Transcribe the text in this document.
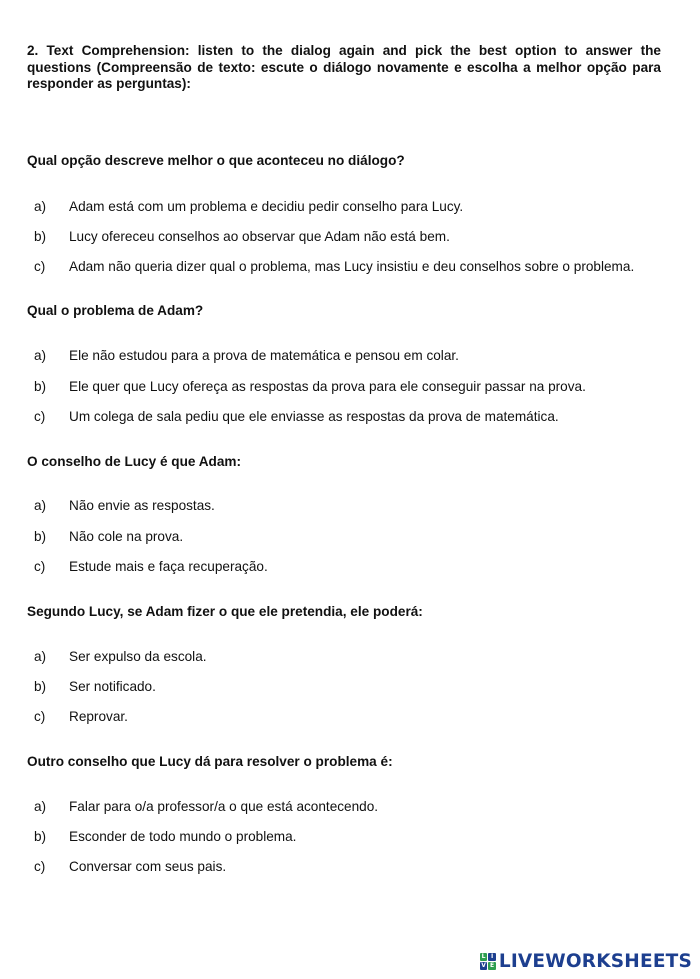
2. Text Comprehension: listen to the dialog again and pick the best option to answer the questions (Compreensão de texto: escute o diálogo novamente e escolha a melhor opção para responder as perguntas):
Qual opção descreve melhor o que aconteceu no diálogo?
a) Adam está com um problema e decidiu pedir conselho para Lucy.
b) Lucy ofereceu conselhos ao observar que Adam não está bem.
c) Adam não queria dizer qual o problema, mas Lucy insistiu e deu conselhos sobre o problema.
Qual o problema de Adam?
a) Ele não estudou para a prova de matemática e pensou em colar.
b) Ele quer que Lucy ofereça as respostas da prova para ele conseguir passar na prova.
c) Um colega de sala pediu que ele enviasse as respostas da prova de matemática.
O conselho de Lucy é que Adam:
a) Não envie as respostas.
b) Não cole na prova.
c) Estude mais e faça recuperação.
Segundo Lucy, se Adam fizer o que ele pretendia, ele poderá:
a) Ser expulso da escola.
b) Ser notificado.
c) Reprovar.
Outro conselho que Lucy dá para resolver o problema é:
a) Falar para o/a professor/a o que está acontecendo.
b) Esconder de todo mundo o problema.
c) Conversar com seus pais.
L I
V E LIVEWORKSHEETS
